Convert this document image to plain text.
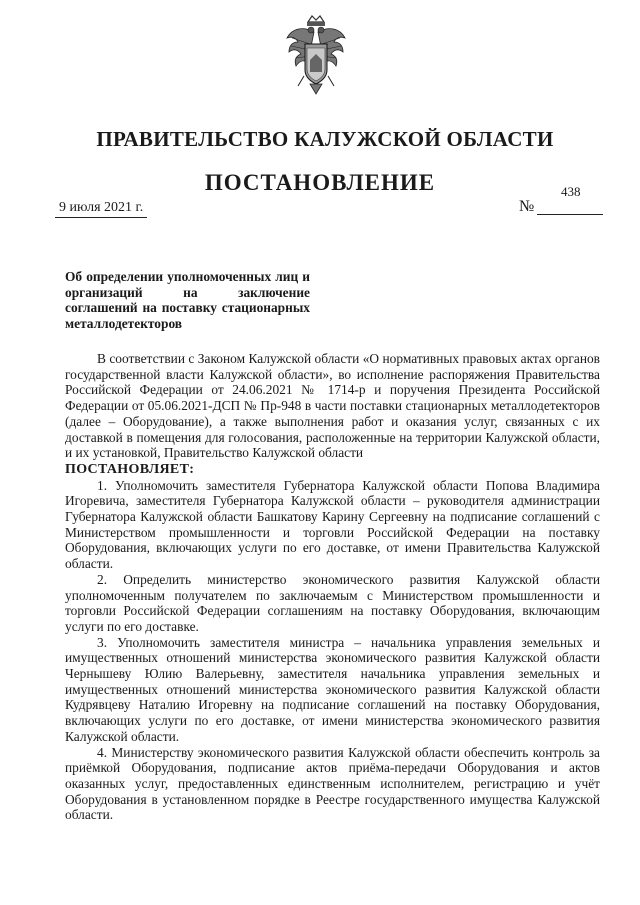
ПРАВИТЕЛЬСТВО КАЛУЖСКОЙ ОБЛАСТИ
ПОСТАНОВЛЕНИЕ
9 июля 2021 г.	№
438
Об определении уполномоченных лиц и организаций на заключение соглашений на поставку стационарных металлодетекторов

В соответствии с Законом Калужской области «О нормативных правовых актах органов государственной власти Калужской области», во исполнение распоряжения Правительства Российской Федерации от 24.06.2021 № 1714-р и поручения Президента Российской Федерации от 05.06.2021-ДСП № Пр-948 в части поставки стационарных металлодетекторов (далее – Оборудование), а также выполнения работ и оказания услуг, связанных с их доставкой в помещения для голосования, расположенные на территории Калужской области, и их установкой, Правительство Калужской области
ПОСТАНОВЛЯЕТ:

1. Уполномочить заместителя Губернатора Калужской области Попова Владимира Игоревича, заместителя Губернатора Калужской области – руководителя администрации Губернатора Калужской области Башкатову Карину Сергеевну на подписание соглашений с Министерством промышленности и торговли Российской Федерации на поставку Оборудования, включающих услуги по его доставке, от имени Правительства Калужской области.

2. Определить министерство экономического развития Калужской области уполномоченным получателем по заключаемым с Министерством промышленности и торговли Российской Федерации соглашениям на поставку Оборудования, включающим услуги по его доставке.

3. Уполномочить заместителя министра – начальника управления земельных и имущественных отношений министерства экономического развития Калужской области Чернышеву Юлию Валерьевну, заместителя начальника управления земельных и имущественных отношений министерства экономического развития Калужской области Кудрявцеву Наталию Игоревну на подписание соглашений на поставку Оборудования, включающих услуги по его доставке, от имени министерства экономического развития Калужской области.

4. Министерству экономического развития Калужской области обеспечить контроль за приёмкой Оборудования, подписание актов приёма-передачи Оборудования и актов оказанных услуг, предоставленных единственным исполнителем, регистрацию и учёт Оборудования в установленном порядке в Реестре государственного имущества Калужской области.
